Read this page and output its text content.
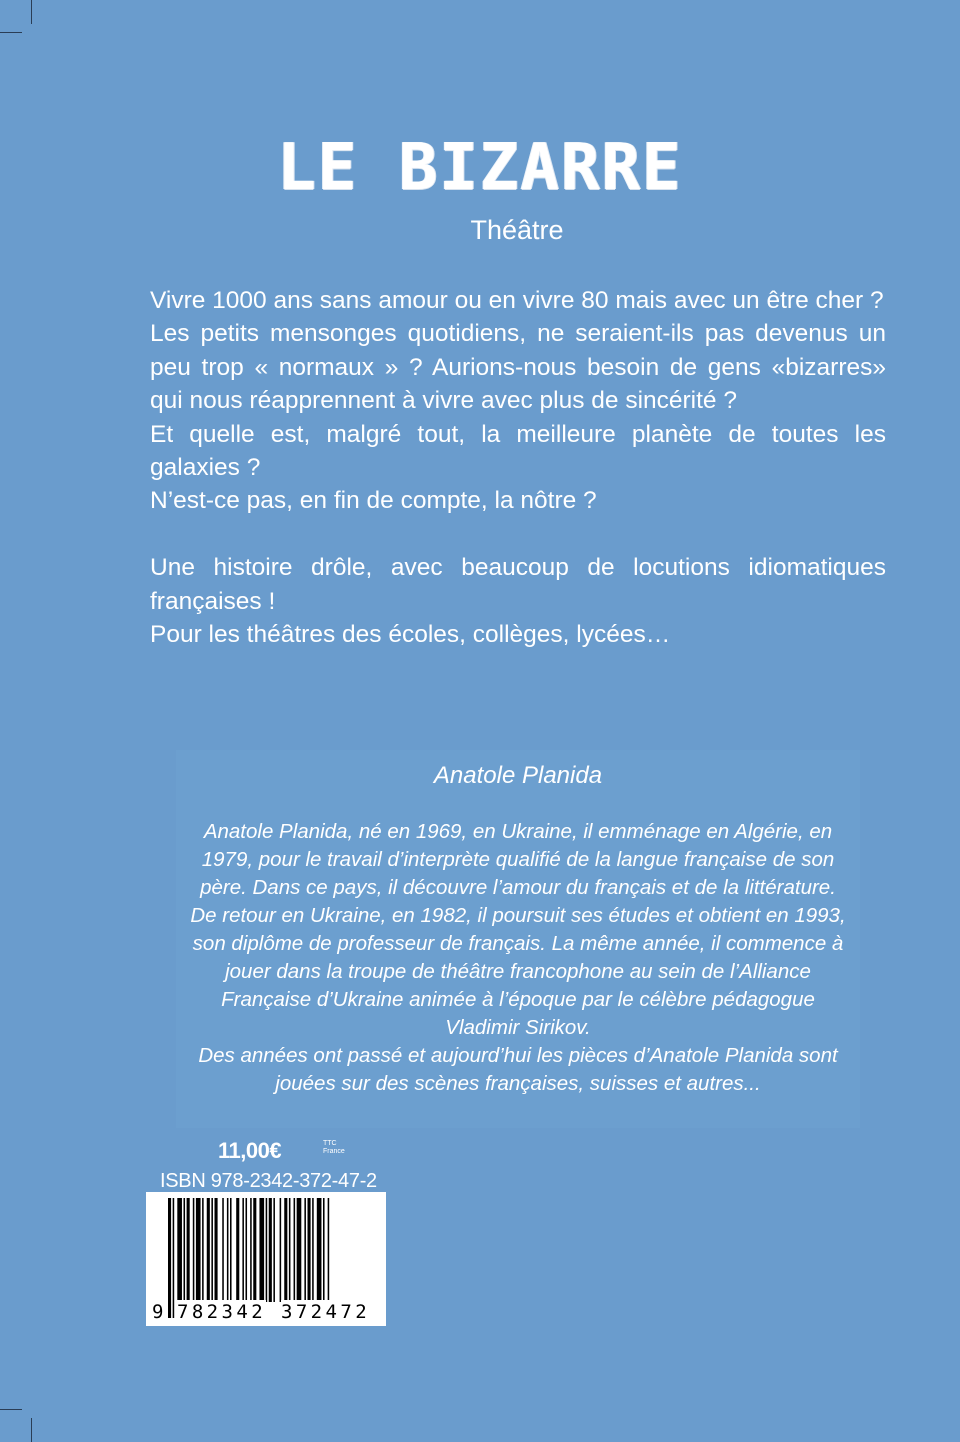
LE BIZARRE
Théâtre

Vivre 1000 ans sans amour ou en vivre 80 mais avec un être cher ?

Les petits mensonges quotidiens, ne seraient-ils pas devenus un peu trop « normaux » ? Aurions-nous besoin de gens «bizarres» qui nous réapprennent à vivre avec plus de sincérité ?

Et quelle est, malgré tout, la meilleure planète de toutes les galaxies ?

N’est-ce pas, en fin de compte, la nôtre ?

Une histoire drôle, avec beaucoup de locutions idiomatiques françaises !

Pour les théâtres des écoles, collèges, lycées…

Anatole Planida

Anatole Planida, né en 1969, en Ukraine, il emménage en Algérie, en 1979, pour le travail d’interprète qualifié de la langue française de son père. Dans ce pays, il découvre l’amour du français et de la littérature.

De retour en Ukraine, en 1982, il poursuit ses études et obtient en 1993, son diplôme de professeur de français. La même année, il commence à jouer dans la troupe de théâtre francophone au sein de l’Alliance Française d’Ukraine animée à l’époque par le célèbre pédagogue Vladimir Sirikov.

Des années ont passé et aujourd’hui les pièces d’Anatole Planida sont jouées sur des scènes françaises, suisses et autres...

11,00€	TTC
France
ISBN 978-2342-372-47-2
9 782342 372472
